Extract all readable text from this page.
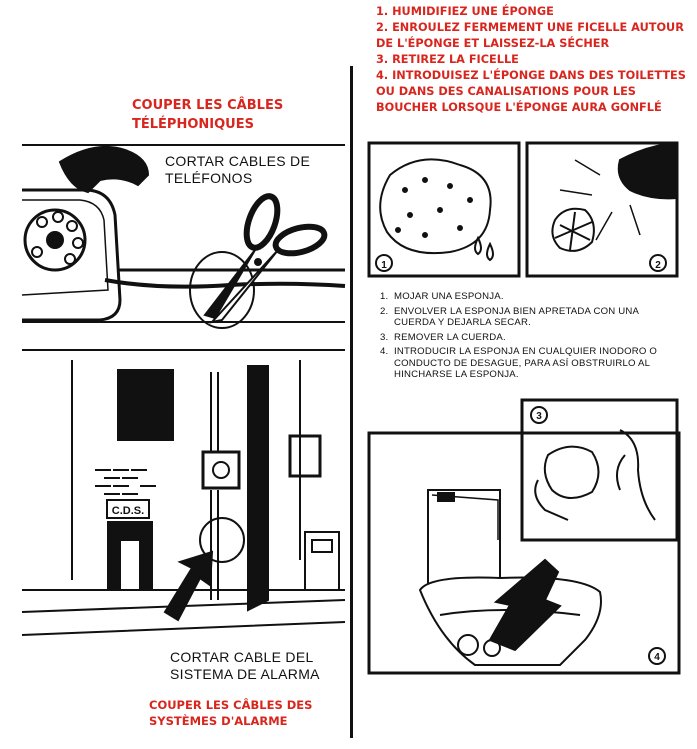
1. HUMIDIFIEZ UNE ÉPONGE
2. ENROULEZ FERMEMENT UNE FICELLE AUTOUR DE L'ÉPONGE ET LAISSEZ-LA SÉCHER
3. RETIREZ LA FICELLE
4. INTRODUISEZ L'ÉPONGE DANS DES TOILETTES OU DANS DES CANALISATIONS POUR LES BOUCHER LORSQUE L'ÉPONGE AURA GONFLÉ
COUPER LES CÂBLES TÉLÉPHONIQUES
CORTAR CABLES DE TELÉFONOS
C.D.S.
1	2
3
4
1. MOJAR UNA ESPONJA.
2. ENVOLVER LA ESPONJA BIEN APRETADA CON UNA CUERDA Y DEJARLA SECAR.
3. REMOVER LA CUERDA.
4. INTRODUCIR LA ESPONJA EN CUALQUIER INODORO O CONDUCTO DE DESAGUE, PARA ASÍ OBSTRUIRLO AL HINCHARSE LA ESPONJA.
CORTAR CABLE DEL SISTEMA DE ALARMA
COUPER LES CÂBLES DES SYSTÈMES D'ALARME
